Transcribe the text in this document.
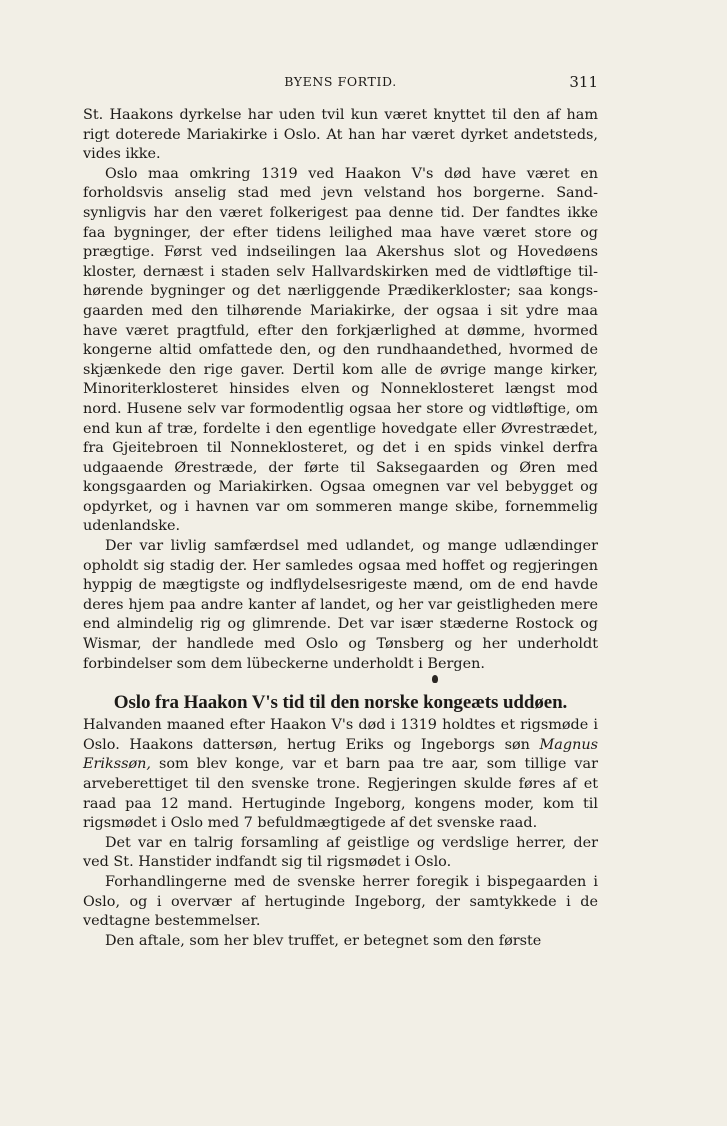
BYENS FORTID.	311

St. Haakons dyrkelse har uden tvil kun været knyttet til den af ham rigt doterede Mariakirke i Oslo. At han har været dyrket andetsteds, vides ikke.

Oslo maa omkring 1319 ved Haakon V's død have været en forholdsvis anselig stad med jevn velstand hos borgerne. Sandsynligvis har den været folkerigest paa denne tid. Der fandtes ikke faa bygninger, der efter tidens leilighed maa have været store og prægtige. Først ved indseilingen laa Akershus slot og Hovedøens kloster, dernæst i staden selv Hallvardskirken med de vidtløftige tilhørende bygninger og det nærliggende Prædikerkloster; saa kongsgaarden med den tilhørende Mariakirke, der ogsaa i sit ydre maa have været pragtfuld, efter den forkjærlighed at dømme, hvormed kongerne altid omfattede den, og den rundhaandethed, hvormed de skjænkede den rige gaver. Dertil kom alle de øvrige mange kirker, Minoriterklosteret hinsides elven og Nonneklosteret længst mod nord. Husene selv var formodentlig ogsaa her store og vidtløftige, om end kun af træ, fordelte i den egentlige hovedgate eller Øvrestrædet, fra Gjeitebroen til Nonneklosteret, og det i en spids vinkel derfra udgaaende Ørestræde, der førte til Saksegaarden og Øren med kongsgaarden og Mariakirken. Ogsaa omegnen var vel bebygget og opdyrket, og i havnen var om sommeren mange skibe, fornemmelig udenlandske.

Der var livlig samfærdsel med udlandet, og mange udlændinger opholdt sig stadig der. Her samledes ogsaa med hoffet og regjeringen hyppig de mægtigste og indflydelsesrigeste mænd, om de end havde deres hjem paa andre kanter af landet, og her var geistligheden mere end almindelig rig og glimrende. Det var især stæderne Rostock og Wismar, der handlede med Oslo og Tønsberg og her underholdt forbindelser som dem lübeckerne underholdt i Bergen.

Oslo fra Haakon V's tid til den norske kongeæts uddøen.

Halvanden maaned efter Haakon V's død i 1319 holdtes et rigsmøde i Oslo. Haakons dattersøn, hertug Eriks og Ingeborgs søn Magnus Erikssøn, som blev konge, var et barn paa tre aar, som tillige var arveberettiget til den svenske trone. Regjeringen skulde føres af et raad paa 12 mand. Hertuginde Ingeborg, kongens moder, kom til rigsmødet i Oslo med 7 befuldmægtigede af det svenske raad.

Det var en talrig forsamling af geistlige og verdslige herrer, der ved St. Hanstider indfandt sig til rigsmødet i Oslo.

Forhandlingerne med de svenske herrer foregik i bispegaarden i Oslo, og i overvær af hertuginde Ingeborg, der samtykkede i de vedtagne bestemmelser.

Den aftale, som her blev truffet, er betegnet som den første
